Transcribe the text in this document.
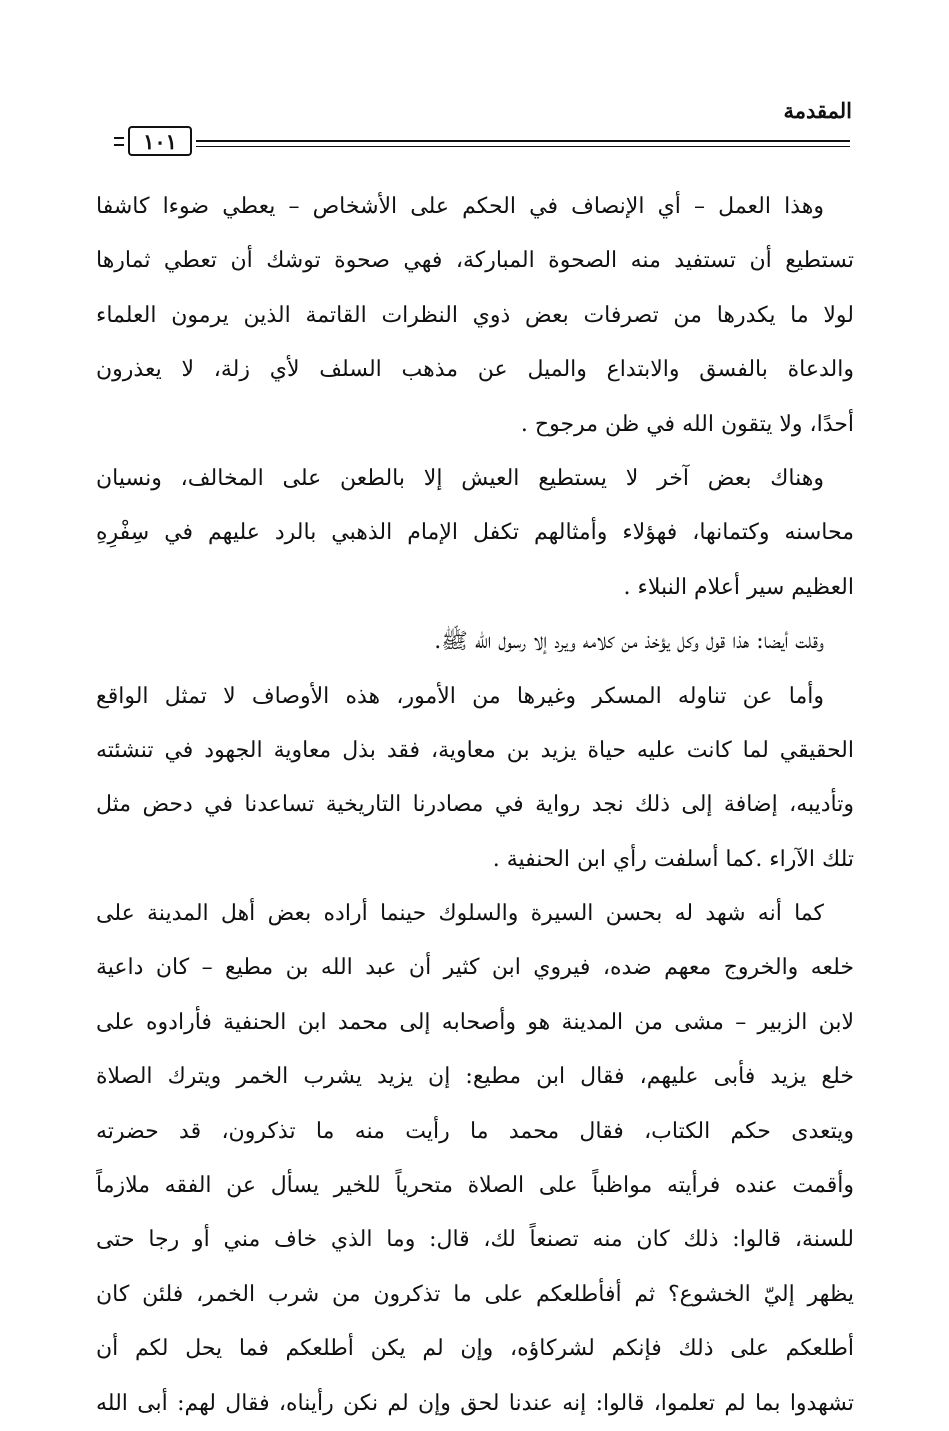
المقدمة
١٠١
وهذا العمل – أي الإنصاف في الحكم على الأشخاص – يعطي ضوءا كاشفا
تستطيع أن تستفيد منه الصحوة المباركة، فهي صحوة توشك أن تعطي ثمارها
لولا ما يكدرها من تصرفات بعض ذوي النظرات القاتمة الذين يرمون العلماء
والدعاة بالفسق والابتداع والميل عن مذهب السلف لأي زلة، لا يعذرون
أحدًا، ولا يتقون الله في ظن مرجوح .
وهناك بعض آخر لا يستطيع العيش إلا بالطعن على المخالف، ونسيان
محاسنه وكتمانها، فهؤلاء وأمثالهم تكفل الإمام الذهبي بالرد عليهم في سِفْرِهِ
العظيم سير أعلام النبلاء .
وقلت أيضا: هذا قول وكل يؤخذ من كلامه ويرد إلا رسول الله ﷺ.
وأما عن تناوله المسكر وغيرها من الأمور، هذه الأوصاف لا تمثل الواقع
الحقيقي لما كانت عليه حياة يزيد بن معاوية، فقد بذل معاوية الجهود في تنشئته
وتأديبه، إضافة إلى ذلك نجد رواية في مصادرنا التاريخية تساعدنا في دحض مثل
تلك الآراء .كما أسلفت رأي ابن الحنفية .
كما أنه شهد له بحسن السيرة والسلوك حينما أراده بعض أهل المدينة على
خلعه والخروج معهم ضده، فيروي ابن كثير أن عبد الله بن مطيع – كان داعية
لابن الزبير – مشى من المدينة هو وأصحابه إلى محمد ابن الحنفية فأرادوه على
خلع يزيد فأبى عليهم، فقال ابن مطيع: إن يزيد يشرب الخمر ويترك الصلاة
ويتعدى حكم الكتاب، فقال محمد ما رأيت منه ما تذكرون، قد حضرته
وأقمت عنده فرأيته مواظباً على الصلاة متحرياً للخير يسأل عن الفقه ملازماً
للسنة، قالوا: ذلك كان منه تصنعاً لك، قال: وما الذي خاف مني أو رجا حتى
يظهر إليّ الخشوع؟ ثم أفأطلعكم على ما تذكرون من شرب الخمر، فلئن كان
أطلعكم على ذلك فإنكم لشركاؤه، وإن لم يكن أطلعكم فما يحل لكم أن
تشهدوا بما لم تعلموا، قالوا: إنه عندنا لحق وإن لم نكن رأيناه، فقال لهم: أبى الله
